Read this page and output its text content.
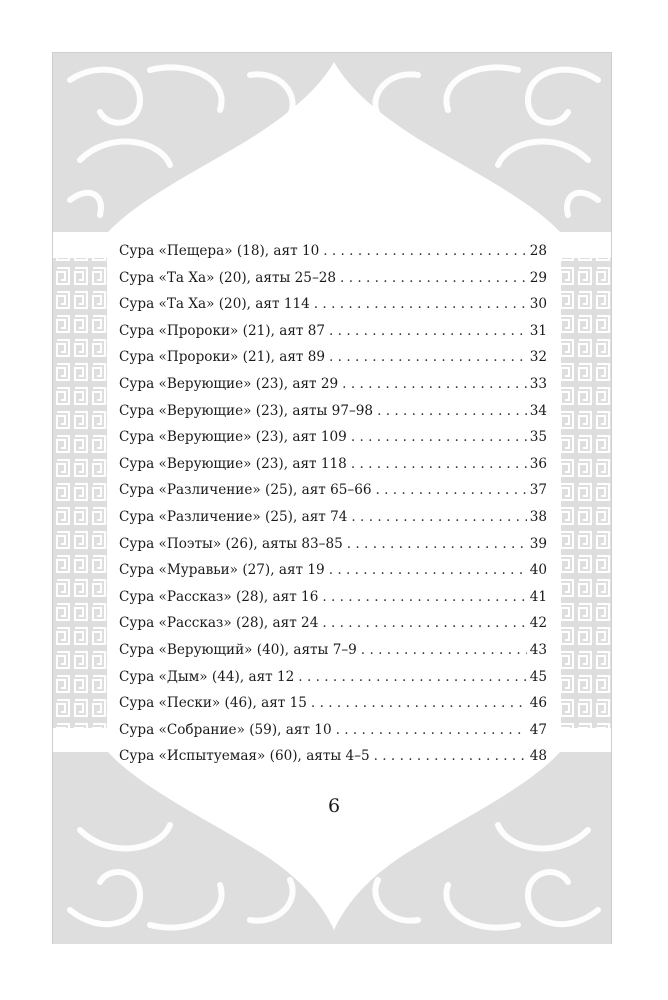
Сура «Пещера» (18), аят 10 . . .	28
Сура «Та Ха» (20), аяты 25–28 . . .	29
Сура «Та Ха» (20), аят 114 . . .	30
Сура «Пророки» (21), аят 87 . . .	31
Сура «Пророки» (21), аят 89 . . .	32
Сура «Верующие» (23), аят 29 . . .	33
Сура «Верующие» (23), аяты 97–98 . . .	34
Сура «Верующие» (23), аят 109 . . .	35
Сура «Верующие» (23), аят 118 . . .	36
Сура «Различение» (25), аят 65–66 . . .	37
Сура «Различение» (25), аят 74 . . .	38
Сура «Поэты» (26), аяты 83–85 . . .	39
Сура «Муравьи» (27), аят 19 . . .	40
Сура «Рассказ» (28), аят 16 . . .	41
Сура «Рассказ» (28), аят 24 . . .	42
Сура «Верующий» (40), аяты 7–9 . . .	43
Сура «Дым» (44), аят 12 . . .	45
Сура «Пески» (46), аят 15 . . .	46
Сура «Собрание» (59), аят 10 . . .	47
Сура «Испытуемая» (60), аяты 4–5 . . .	48
6
